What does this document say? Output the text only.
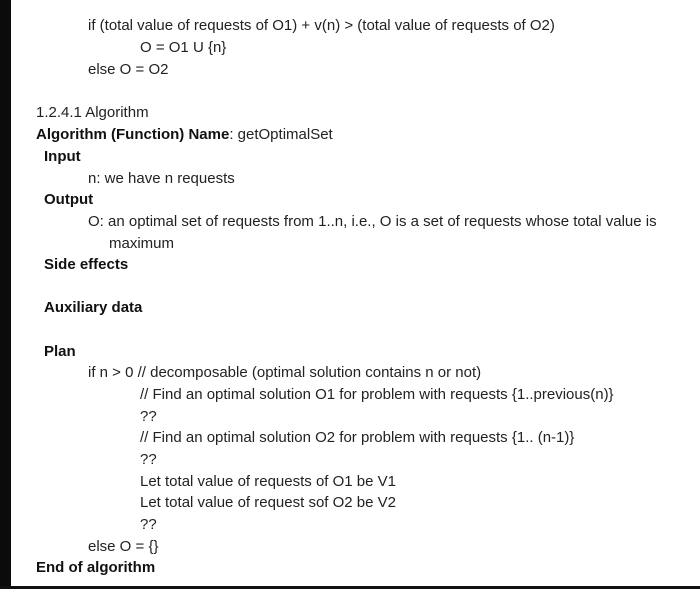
if (total value of requests of O1) + v(n) > (total value of requests of O2)
O = O1 U {n}
else O = O2
1.2.4.1 Algorithm
Algorithm (Function) Name: getOptimalSet
Input
n: we have n requests
Output
O: an optimal set of requests from 1..n, i.e., O is a set of requests whose total value is
maximum
Side effects
Auxiliary data
Plan
if n > 0 // decomposable (optimal solution contains n or not)
// Find an optimal solution O1 for problem with requests {1..previous(n)}
??
// Find an optimal solution O2 for problem with requests {1.. (n-1)}
??
Let total value of requests of O1 be V1
Let total value of request sof O2 be V2
??
else O = {}
End of algorithm
